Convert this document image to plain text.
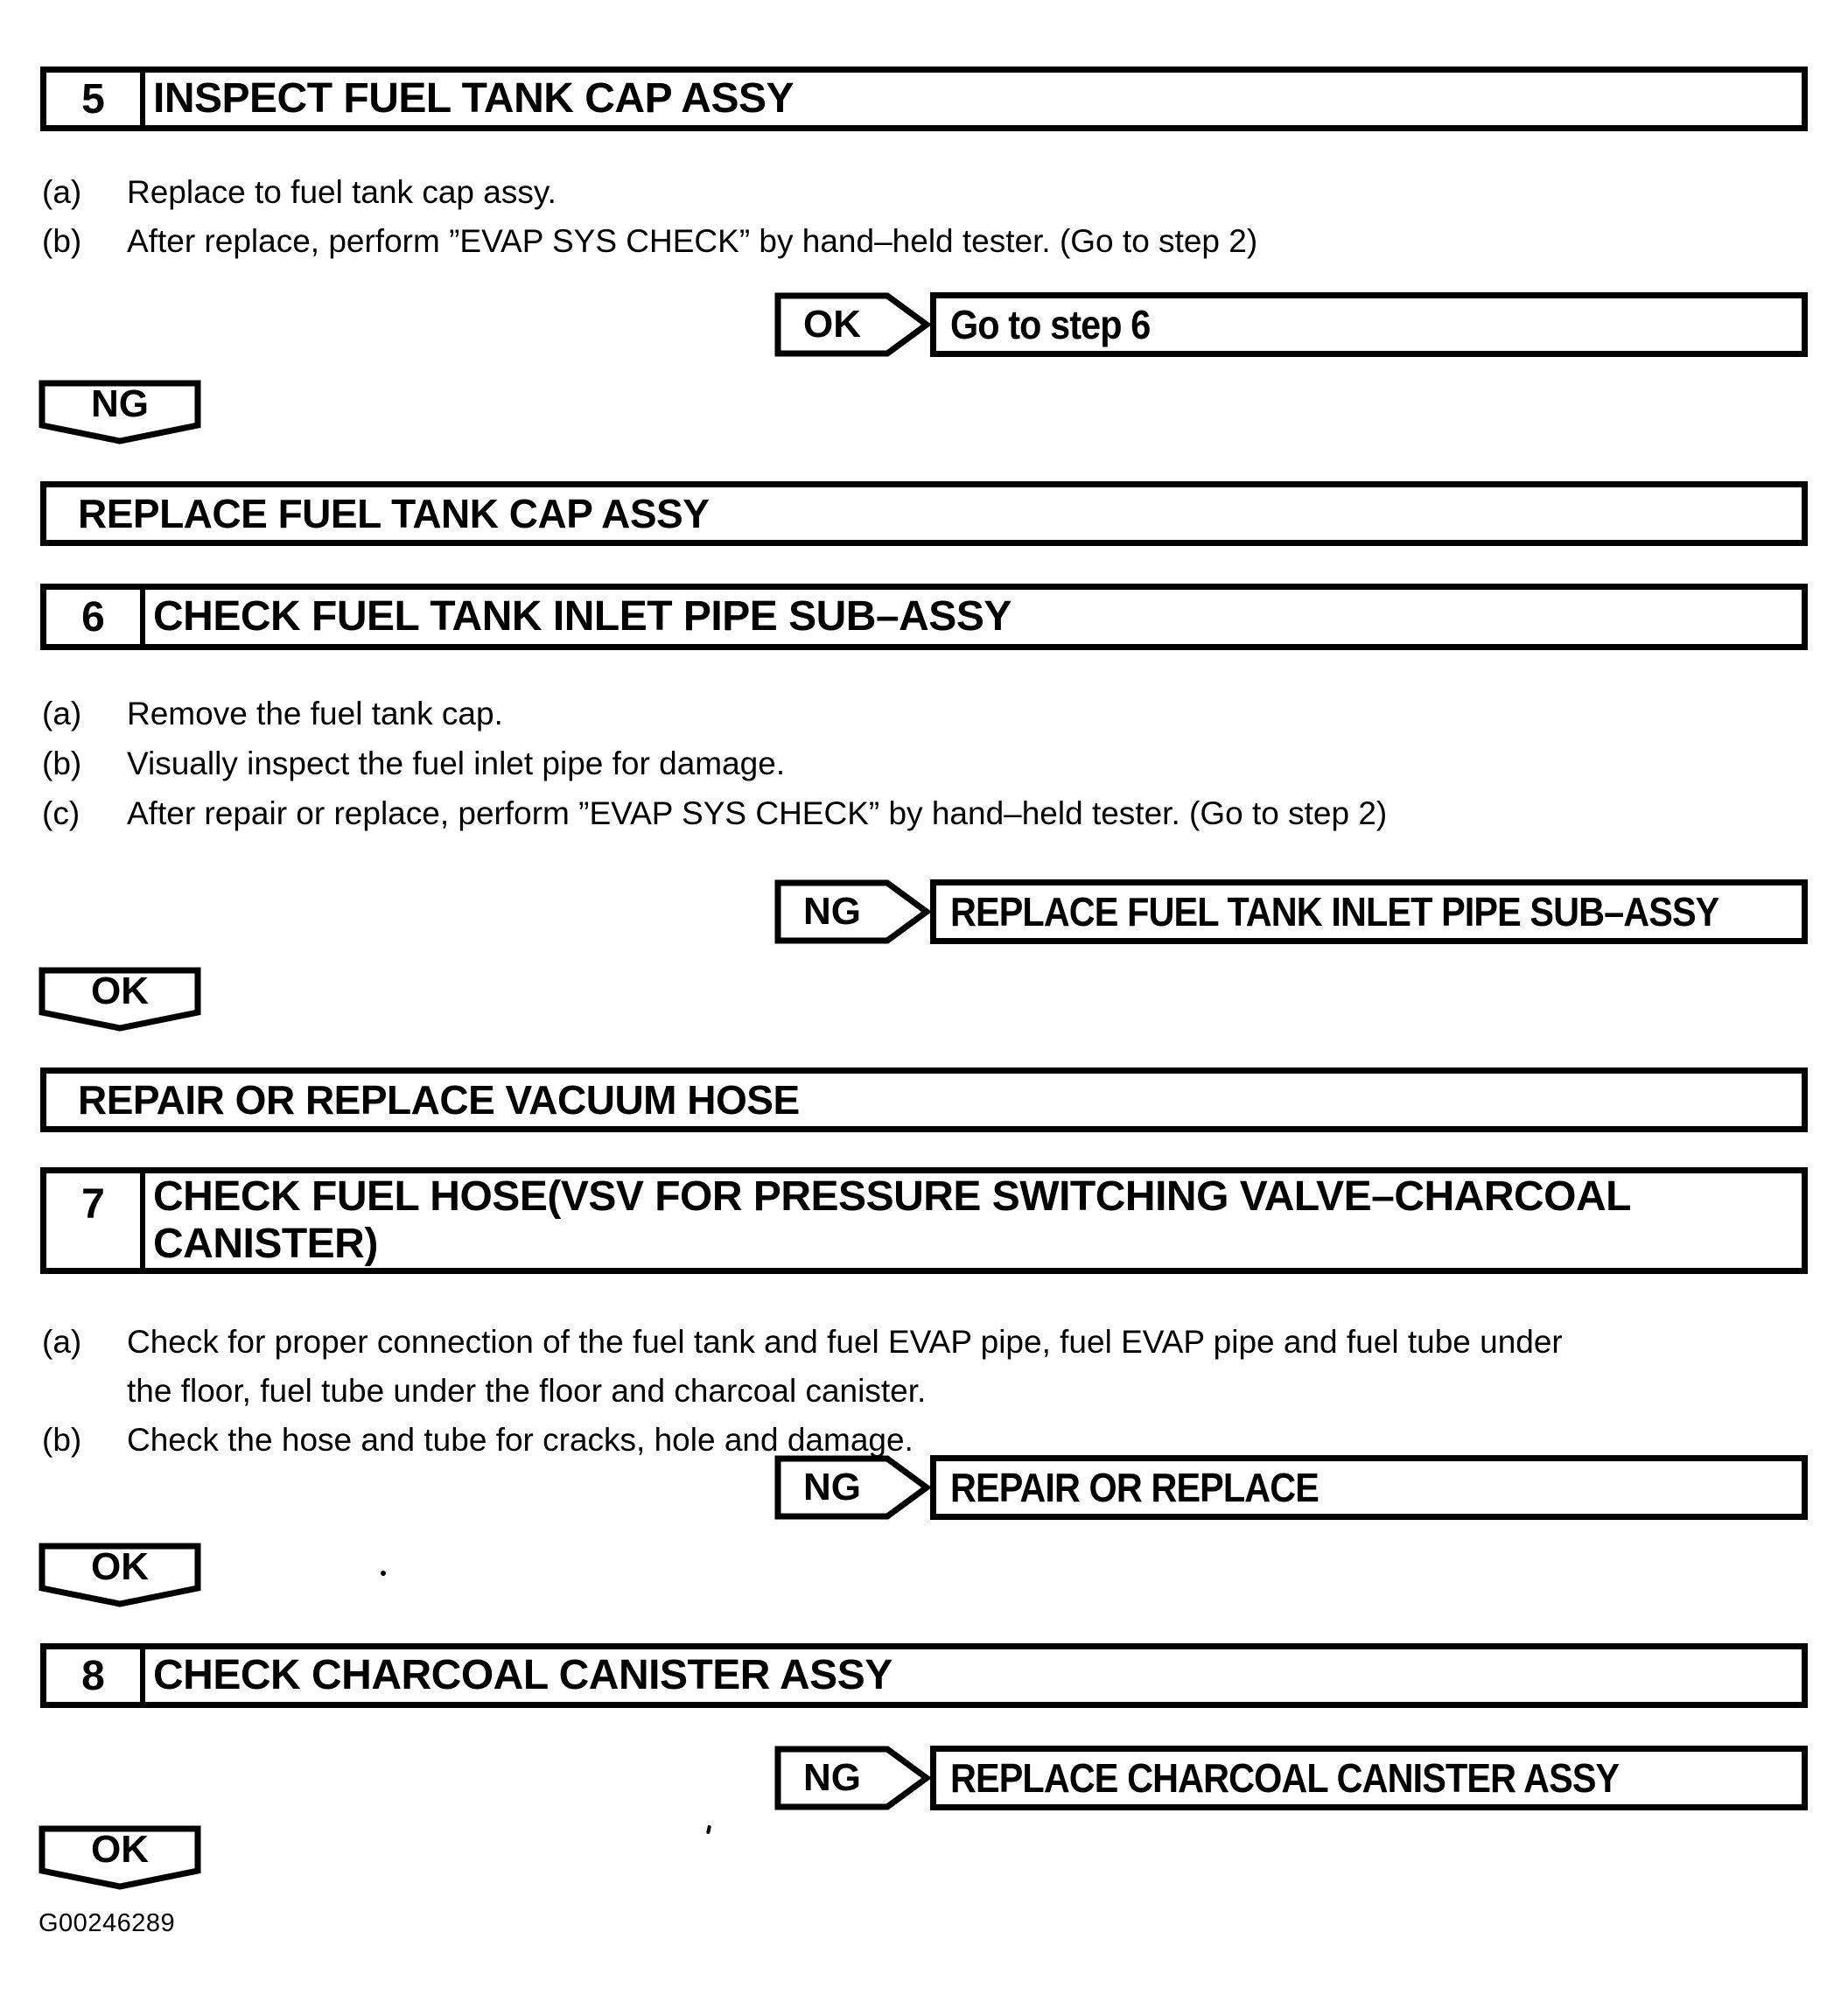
5	INSPECT FUEL TANK CAP ASSY
(a)	Replace to fuel tank cap assy.
(b)	After replace, perform ”EVAP SYS CHECK” by hand–held tester. (Go to step 2)
OK	Go to step 6
NG
REPLACE FUEL TANK CAP ASSY
6	CHECK FUEL TANK INLET PIPE SUB–ASSY
(a)	Remove the fuel tank cap.
(b)	Visually inspect the fuel inlet pipe for damage.
(c)	After repair or replace, perform ”EVAP SYS CHECK” by hand–held tester. (Go to step 2)
NG	REPLACE FUEL TANK INLET PIPE SUB–ASSY
OK
REPAIR OR REPLACE VACUUM HOSE
7	CHECK FUEL HOSE(VSV FOR PRESSURE SWITCHING VALVE–CHARCOAL
CANISTER)
(a)	Check for proper connection of the fuel tank and fuel EVAP pipe, fuel EVAP pipe and fuel tube under
the floor, fuel tube under the floor and charcoal canister.
(b)	Check the hose and tube for cracks, hole and damage.
NG	REPAIR OR REPLACE
OK
8	CHECK CHARCOAL CANISTER ASSY
NG	REPLACE CHARCOAL CANISTER ASSY
OK
G00246289
